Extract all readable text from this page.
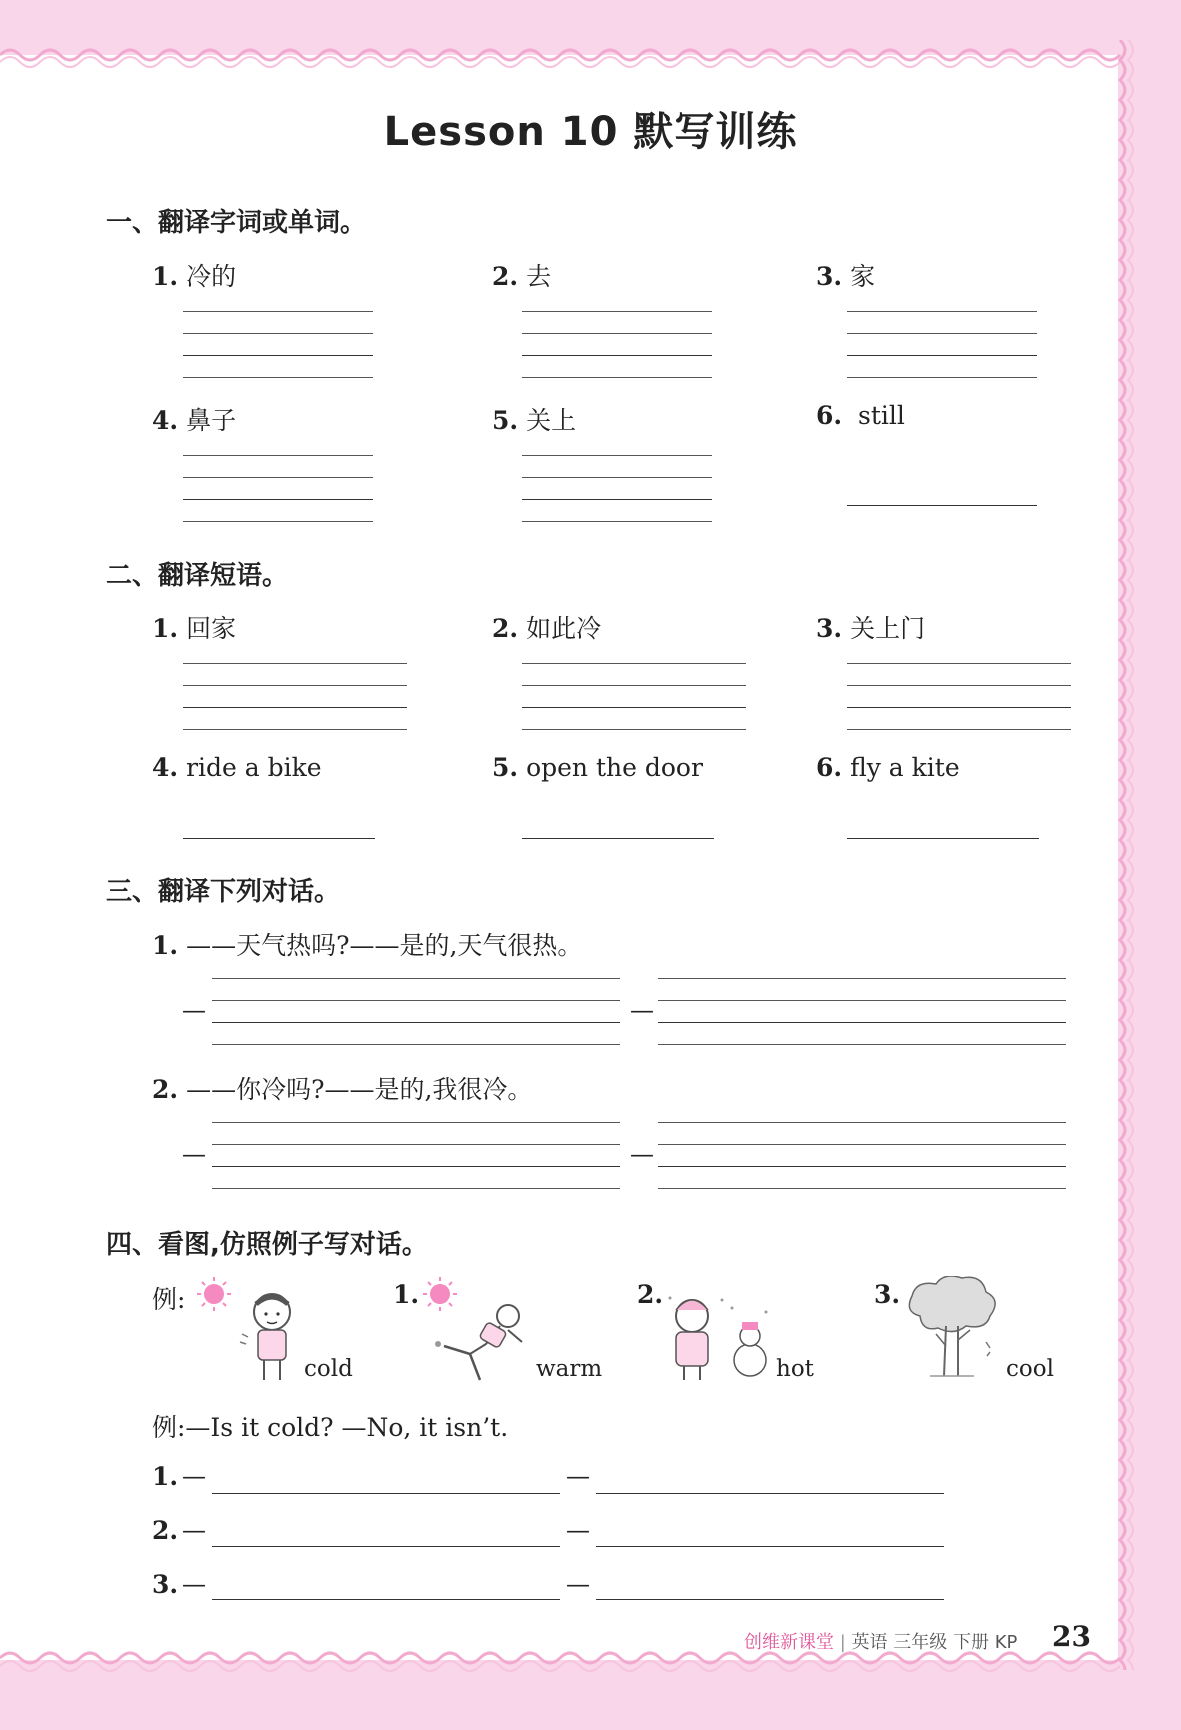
Lesson 10 默写训练
一、翻译字词或单词。
1. 冷的	2. 去	3. 家
4. 鼻子	5. 关上	6. still
二、翻译短语。
1. 回家	2. 如此冷	3. 关上门
4. ride a bike	5. open the door	6. fly a kite
三、翻译下列对话。
1. ——天气热吗?——是的,天气很热。
—	—
2. ——你冷吗?——是的,我很冷。
—	—
四、看图,仿照例子写对话。
例:
cold
1.
warm
2.
hot
3.
cool
例:—Is it cold? —No, it isn’t.
1. —	—
2. —	—
3. —	—
创维新课堂 | 英语 三年级 下册 KP 23
